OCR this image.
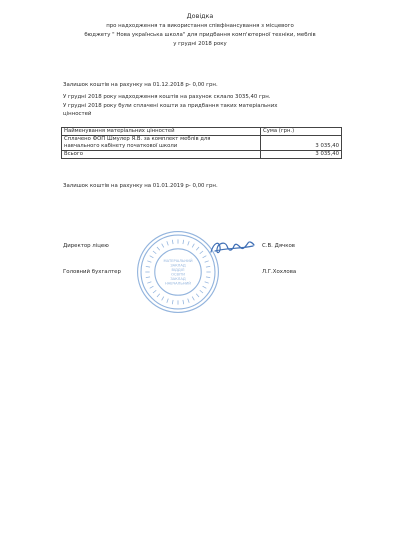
Довідка
про надходження та використання співфінансування з місцевого
бюджету " Нова українська школа" для придбання комп'ютерної техніки, меблів
у грудні 2018 року
Залишок коштів на рахунку на 01.12.2018 р- 0,00 грн.
У грудні 2018 року надходження коштів на рахунок склало 3035,40 грн.
У грудні 2018 року були сплачені кошти за придбання таких матеріальних
цінностей
Найменування матеріальних цінностей	Сума (грн.)

Сплачено ФОП Шмулер Я.В. за комплект меблів для
навчального кабінету початкової школи	3 035,40
Всього	3 035,40
Залишок коштів на рахунку на 01.01.2019 р- 0,00 грн.
МАТЕРІАЛЬНИЙ
ЗАКЛАД
ВІДДІЛ
ОСВІТИ
ЗАКЛАД
НАВЧАЛЬНИЙ
Директор ліцею	С.В. Дячков
Головний бухгалтер	Л.Г.Хохлова
